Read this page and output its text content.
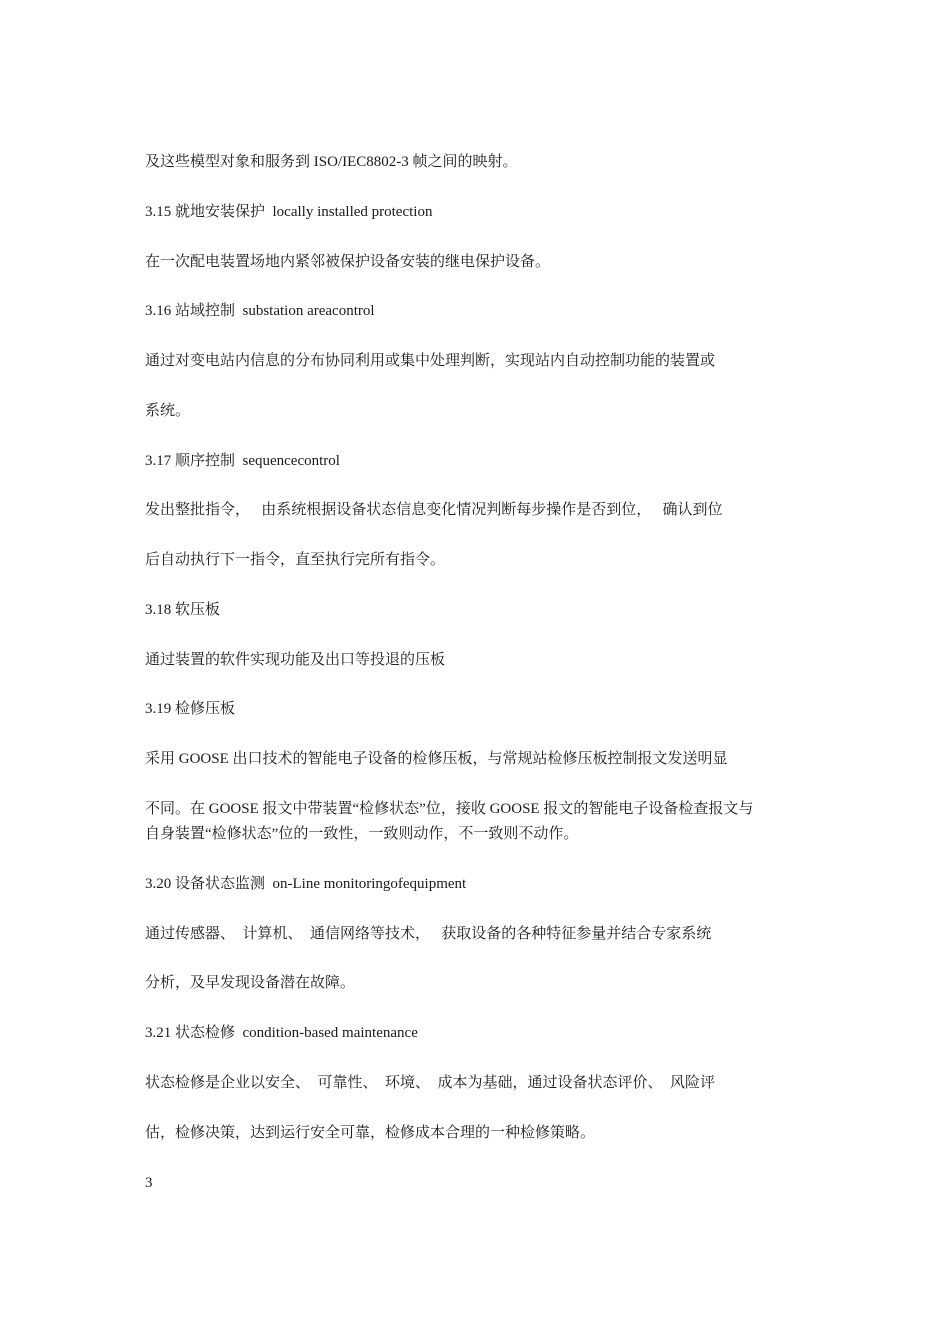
及这些模型对象和服务到 ISO/IEC8802-3 帧之间的映射。
3.15 就地安装保护  locally installed protection
在一次配电装置场地内紧邻被保护设备安装的继电保护设备。
3.16 站域控制  substation areacontrol
通过对变电站内信息的分布协同利用或集中处理判断，实现站内自动控制功能的装置或
系统。
3.17 顺序控制  sequencecontrol
发出整批指令，   由系统根据设备状态信息变化情况判断每步操作是否到位，   确认到位
后自动执行下一指令，直至执行完所有指令。
3.18 软压板
通过装置的软件实现功能及出口等投退的压板
3.19 检修压板
采用 GOOSE 出口技术的智能电子设备的检修压板，与常规站检修压板控制报文发送明显
不同。在 GOOSE 报文中带装置“检修状态”位，接收 GOOSE 报文的智能电子设备检查报文与
自身装置“检修状态”位的一致性，一致则动作，不一致则不动作。
3.20 设备状态监测  on-Line monitoringofequipment
通过传感器、  计算机、  通信网络等技术，   获取设备的各种特征参量并结合专家系统
分析，及早发现设备潜在故障。
3.21 状态检修  condition-based maintenance
状态检修是企业以安全、  可靠性、  环境、  成本为基础，通过设备状态评价、  风险评
估，检修决策，达到运行安全可靠，检修成本合理的一种检修策略。
3
